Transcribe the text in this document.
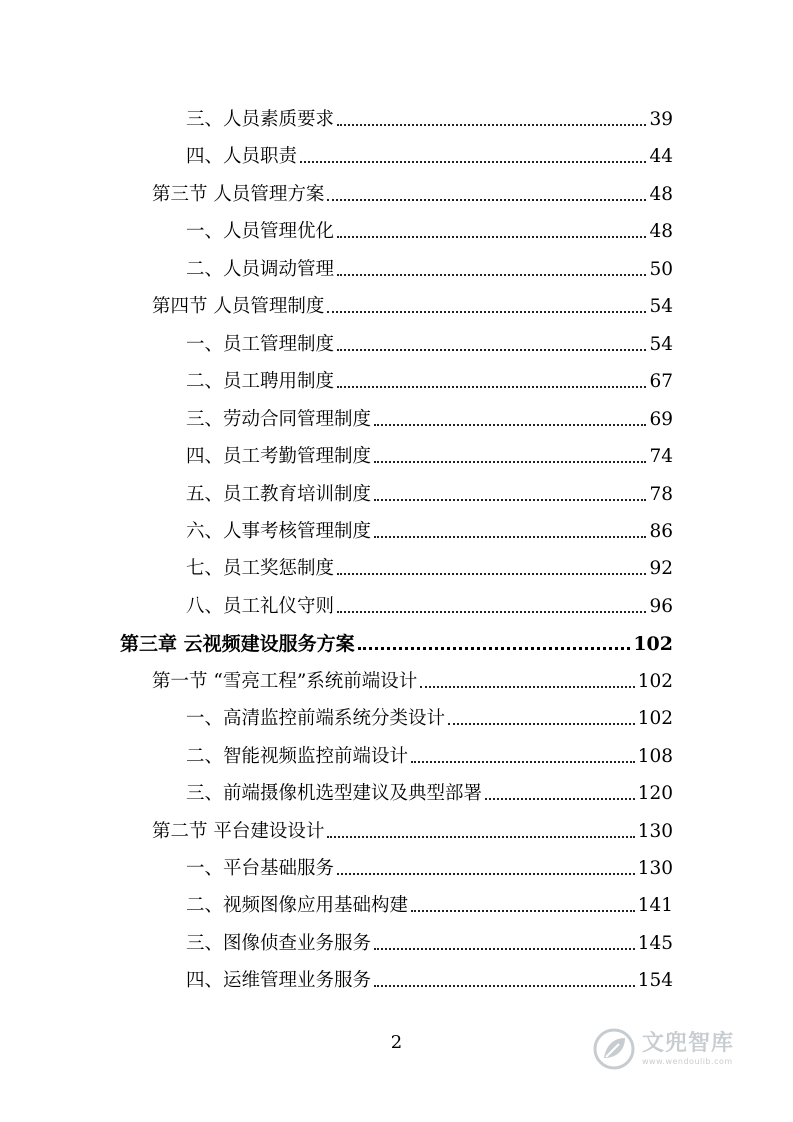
三、人员素质要求	39
四、人员职责	44
第三节 人员管理方案	48
一、人员管理优化	48
二、人员调动管理	50
第四节 人员管理制度	54
一、员工管理制度	54
二、员工聘用制度	67
三、劳动合同管理制度	69
四、员工考勤管理制度	74
五、员工教育培训制度	78
六、人事考核管理制度	86
七、员工奖惩制度	92
八、员工礼仪守则	96
第三章 云视频建设服务方案	102
第一节 “雪亮工程”系统前端设计	102
一、高清监控前端系统分类设计	102
二、智能视频监控前端设计	108
三、前端摄像机选型建议及典型部署	120
第二节 平台建设设计	130
一、平台基础服务	130
二、视频图像应用基础构建	141
三、图像侦查业务服务	145
四、运维管理业务服务	154
2	文兜智库
www.wendoulib.com
